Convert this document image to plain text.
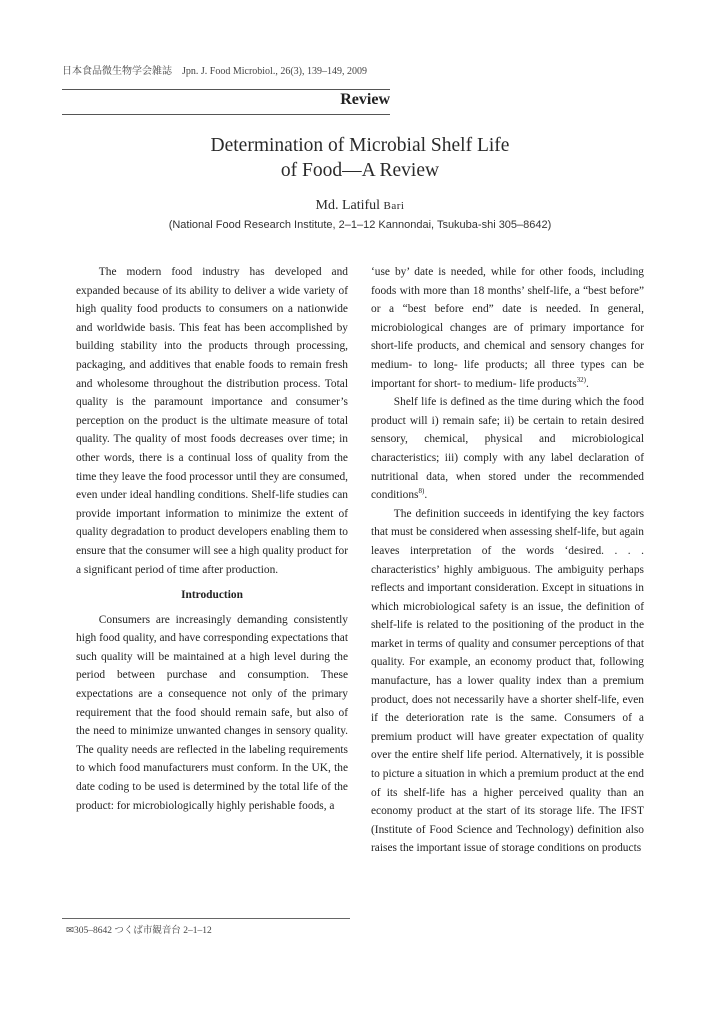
日本食品微生物学会雑誌　Jpn. J. Food Microbiol., 26(3), 139–149, 2009
Review
Determination of Microbial Shelf Life
of Food—A Review
Md. Latiful Bari
(National Food Research Institute, 2–1–12 Kannondai, Tsukuba-shi 305–8642)

The modern food industry has developed and expanded because of its ability to deliver a wide variety of high quality food products to consumers on a nationwide and worldwide basis. This feat has been accomplished by building stability into the products through processing, packaging, and additives that enable foods to remain fresh and wholesome throughout the distribution process. Total quality is the paramount importance and consumer’s perception on the product is the ultimate measure of total quality. The quality of most foods decreases over time; in other words, there is a continual loss of quality from the time they leave the food processor until they are consumed, even under ideal handling conditions. Shelf-life studies can provide important information to minimize the extent of quality degradation to product developers enabling them to ensure that the consumer will see a high quality product for a significant period of time after production.

Introduction

Consumers are increasingly demanding consistently high food quality, and have corresponding expectations that such quality will be maintained at a high level during the period between purchase and consumption. These expectations are a consequence not only of the primary requirement that the food should remain safe, but also of the need to minimize unwanted changes in sensory quality. The quality needs are reflected in the labeling requirements to which food manufacturers must conform. In the UK, the date coding to be used is determined by the total life of the product: for microbiologically highly perishable foods, a

‘use by’ date is needed, while for other foods, including foods with more than 18 months’ shelf-life, a “best before” or a “best before end” date is needed. In general, microbiological changes are of primary importance for short-life products, and chemical and sensory changes for medium- to long- life products; all three types can be important for short- to medium- life products$^{32)}$.

Shelf life is defined as the time during which the food product will i) remain safe; ii) be certain to retain desired sensory, chemical, physical and microbiological characteristics; iii) comply with any label declaration of nutritional data, when stored under the recommended conditions$^{8)}$.

The definition succeeds in identifying the key factors that must be considered when assessing shelf-life, but again leaves interpretation of the words ‘desired. . . . characteristics’ highly ambiguous. The ambiguity perhaps reflects and important consideration. Except in situations in which microbiological safety is an issue, the definition of shelf-life is related to the positioning of the product in the market in terms of quality and consumer perceptions of that quality. For example, an economy product that, following manufacture, has a lower quality index than a premium product, does not necessarily have a shorter shelf-life, even if the deterioration rate is the same. Consumers of a premium product will have greater expectation of quality over the entire shelf life period. Alternatively, it is possible to picture a situation in which a premium product at the end of its shelf-life has a higher perceived quality than an economy product at the start of its storage life. The IFST (Institute of Food Science and Technology) definition also raises the important issue of storage conditions on products

✉305–8642 つくば市観音台 2–1–12
